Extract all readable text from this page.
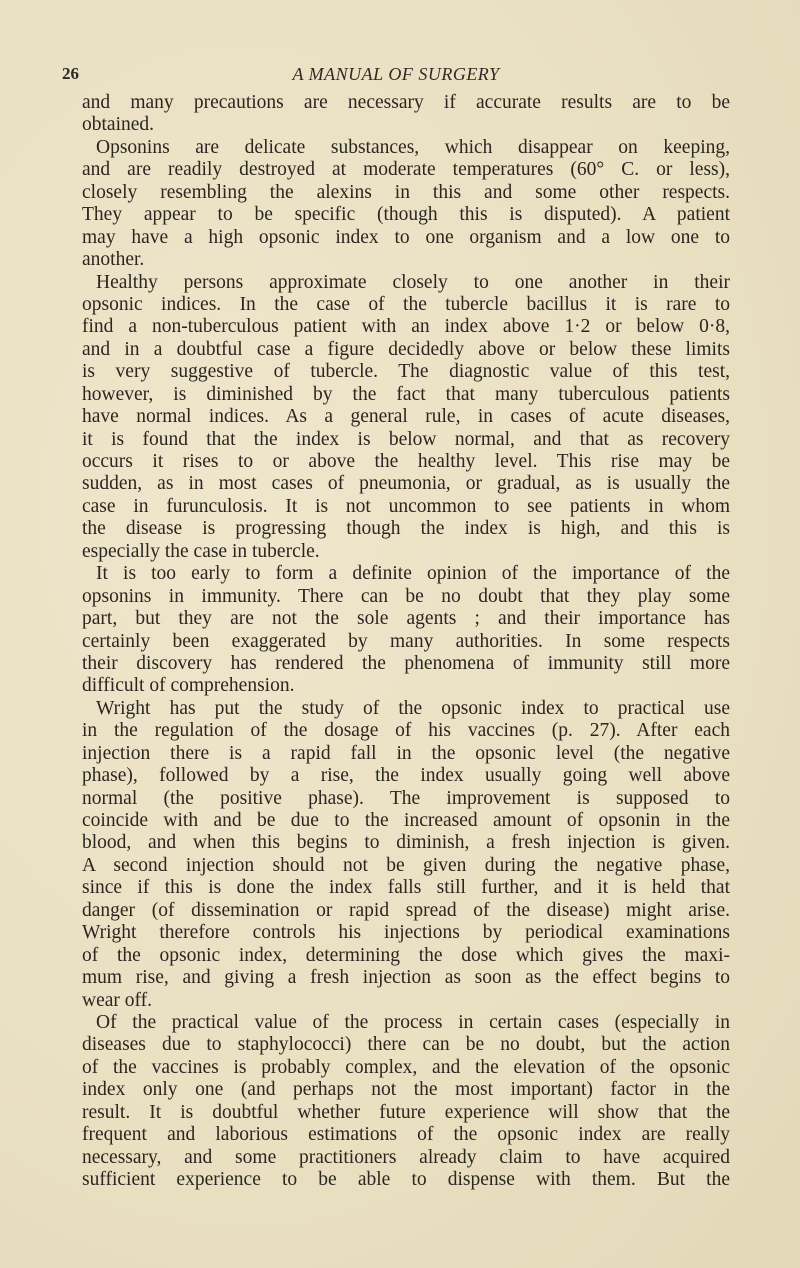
26	A MANUAL OF SURGERY
and many precautions are necessary if accurate results are to be
obtained.
Opsonins are delicate substances, which disappear on keeping,
and are readily destroyed at moderate temperatures (60° C. or less),
closely resembling the alexins in this and some other respects.
They appear to be specific (though this is disputed). A patient
may have a high opsonic index to one organism and a low one to
another.
Healthy persons approximate closely to one another in their
opsonic indices. In the case of the tubercle bacillus it is rare to
find a non-tuberculous patient with an index above 1·2 or below 0·8,
and in a doubtful case a figure decidedly above or below these limits
is very suggestive of tubercle. The diagnostic value of this test,
however, is diminished by the fact that many tuberculous patients
have normal indices. As a general rule, in cases of acute diseases,
it is found that the index is below normal, and that as recovery
occurs it rises to or above the healthy level. This rise may be
sudden, as in most cases of pneumonia, or gradual, as is usually the
case in furunculosis. It is not uncommon to see patients in whom
the disease is progressing though the index is high, and this is
especially the case in tubercle.
It is too early to form a definite opinion of the importance of the
opsonins in immunity. There can be no doubt that they play some
part, but they are not the sole agents ; and their importance has
certainly been exaggerated by many authorities. In some respects
their discovery has rendered the phenomena of immunity still more
difficult of comprehension.
Wright has put the study of the opsonic index to practical use
in the regulation of the dosage of his vaccines (p. 27). After each
injection there is a rapid fall in the opsonic level (the negative
phase), followed by a rise, the index usually going well above
normal (the positive phase). The improvement is supposed to
coincide with and be due to the increased amount of opsonin in the
blood, and when this begins to diminish, a fresh injection is given.
A second injection should not be given during the negative phase,
since if this is done the index falls still further, and it is held that
danger (of dissemination or rapid spread of the disease) might arise.
Wright therefore controls his injections by periodical examinations
of the opsonic index, determining the dose which gives the maxi-
mum rise, and giving a fresh injection as soon as the effect begins to
wear off.
Of the practical value of the process in certain cases (especially in
diseases due to staphylococci) there can be no doubt, but the action
of the vaccines is probably complex, and the elevation of the opsonic
index only one (and perhaps not the most important) factor in the
result. It is doubtful whether future experience will show that the
frequent and laborious estimations of the opsonic index are really
necessary, and some practitioners already claim to have acquired
sufficient experience to be able to dispense with them. But the
